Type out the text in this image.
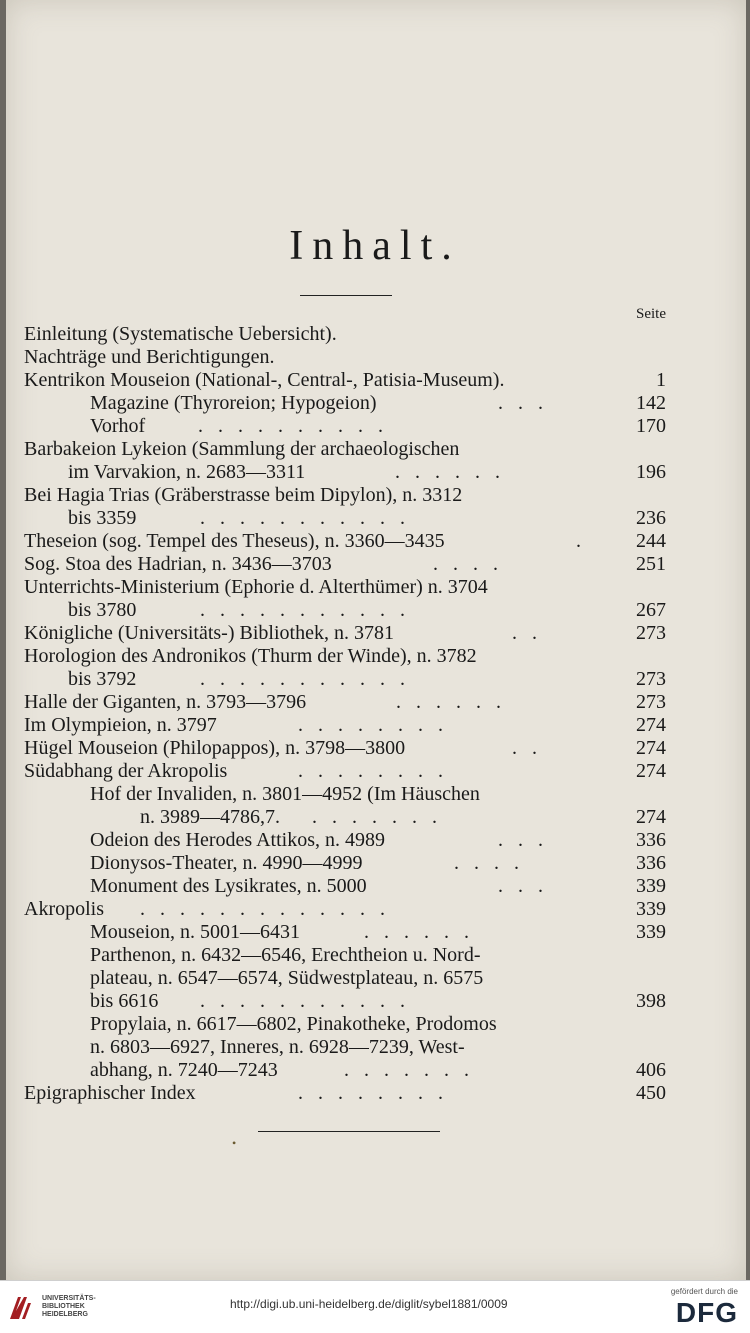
Inhalt.
Seite
Einleitung (Systematische Uebersicht).
Nachträge und Berichtigungen.
Kentrikon Mouseion (National-, Central-, Patisia-Museum).	1
Magazine (Thyroreion; Hypogeion)	.   .   .	142
Vorhof	.   .   .   .   .   .   .   .   .   .	170
Barbakeion Lykeion (Sammlung der archaeologischen
im Varvakion, n. 2683—3311	.   .   .   .   .   .	196
Bei Hagia Trias (Gräberstrasse beim Dipylon), n. 3312
bis 3359	.   .   .   .   .   .   .   .   .   .   .	236
Theseion (sog. Tempel des Theseus), n. 3360—3435	.	244
Sog. Stoa des Hadrian, n. 3436—3703	.   .   .   .	251
Unterrichts-Ministerium (Ephorie d. Alterthümer) n. 3704
bis 3780	.   .   .   .   .   .   .   .   .   .   .	267
Königliche (Universitäts-) Bibliothek, n. 3781	.   .	273
Horologion des Andronikos (Thurm der Winde), n. 3782
bis 3792	.   .   .   .   .   .   .   .   .   .   .	273
Halle der Giganten, n. 3793—3796	.   .   .   .   .   .	273
Im Olympieion, n. 3797	.   .   .   .   .   .   .   .	274
Hügel Mouseion (Philopappos), n. 3798—3800	.   .	274
Südabhang der Akropolis	.   .   .   .   .   .   .   .	274
Hof der Invaliden, n. 3801—4952 (Im Häuschen
n. 3989—4786,7. .   .   .   .   .   .   .	274
Odeion des Herodes Attikos, n. 4989	.   .   .	336
Dionysos-Theater, n. 4990—4999	.   .   .   .	336
Monument des Lysikrates, n. 5000	.   .   .	339
Akropolis .   .   .   .   .   .   .   .   .   .   .   .   .	339
Mouseion, n. 5001—6431	.   .   .   .   .   .	339
Parthenon, n. 6432—6546, Erechtheion u. Nord-
plateau, n. 6547—6574, Südwestplateau, n. 6575
bis 6616 .   .   .   .   .   .   .   .   .   .   .	398
Propylaia, n. 6617—6802, Pinakotheke, Prodomos
n. 6803—6927, Inneres, n. 6928—7239, West-
abhang, n. 7240—7243	.   .   .   .   .   .   .	406
Epigraphischer Index	.   .   .   .   .   .   .   .	450
•
UNIVERSITÄTS-
BIBLIOTHEK
HEIDELBERG
http://digi.ub.uni-heidelberg.de/diglit/sybel1881/0009
gefördert durch die
DFG
